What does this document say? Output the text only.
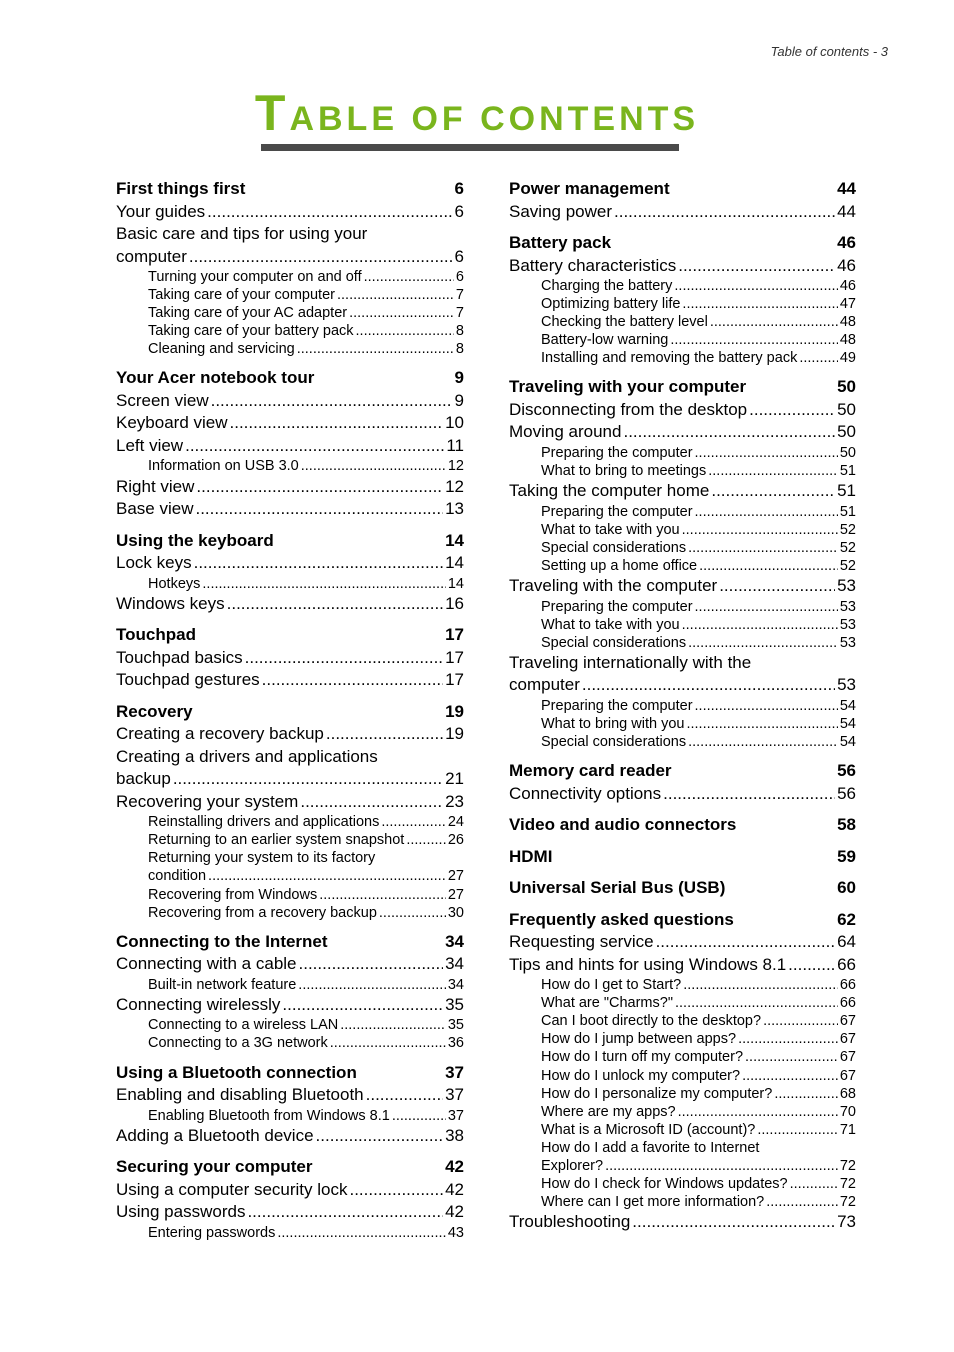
Table of contents - 3
TABLE OF CONTENTS
First things first	6
Your guides .....	6
Basic care and tips for using your
computer .....	6
Turning your computer on and off .....	6
Taking care of your computer .....	7
Taking care of your AC adapter .....	7
Taking care of your battery pack .....	8
Cleaning and servicing .....	8
Your Acer notebook tour	9
Screen view .....	9
Keyboard view .....	10
Left view .....	11
Information on USB 3.0 .....	12
Right view .....	12
Base view .....	13
Using the keyboard	14
Lock keys .....	14
Hotkeys .....	14
Windows keys .....	16
Touchpad	17
Touchpad basics .....	17
Touchpad gestures .....	17
Recovery	19
Creating a recovery backup .....	19
Creating a drivers and applications
backup .....	21
Recovering your system .....	23
Reinstalling drivers and applications .....	24
Returning to an earlier system snapshot .....	26
Returning your system to its factory
condition .....	27
Recovering from Windows .....	27
Recovering from a recovery backup .....	30
Connecting to the Internet	34
Connecting with a cable .....	34
Built-in network feature .....	34
Connecting wirelessly .....	35
Connecting to a wireless LAN .....	35
Connecting to a 3G network .....	36
Using a Bluetooth connection	37
Enabling and disabling Bluetooth .....	37
Enabling Bluetooth from Windows 8.1 .....	37
Adding a Bluetooth device .....	38
Securing your computer	42
Using a computer security lock .....	42
Using passwords .....	42
Entering passwords .....	43
Power management	44
Saving power .....	44
Battery pack	46
Battery characteristics .....	46
Charging the battery .....	46
Optimizing battery life .....	47
Checking the battery level .....	48
Battery-low warning .....	48
Installing and removing the battery pack .....	49
Traveling with your computer	50
Disconnecting from the desktop .....	50
Moving around .....	50
Preparing the computer .....	50
What to bring to meetings .....	51
Taking the computer home .....	51
Preparing the computer .....	51
What to take with you .....	52
Special considerations .....	52
Setting up a home office .....	52
Traveling with the computer .....	53
Preparing the computer .....	53
What to take with you .....	53
Special considerations .....	53
Traveling internationally with the
computer .....	53
Preparing the computer .....	54
What to bring with you .....	54
Special considerations .....	54
Memory card reader	56
Connectivity options .....	56
Video and audio connectors	58
HDMI	59
Universal Serial Bus (USB)	60
Frequently asked questions	62
Requesting service .....	64
Tips and hints for using Windows 8.1 .....	66
How do I get to Start? .....	66
What are "Charms?" .....	66
Can I boot directly to the desktop? .....	67
How do I jump between apps? .....	67
How do I turn off my computer? .....	67
How do I unlock my computer? .....	67
How do I personalize my computer? .....	68
Where are my apps? .....	70
What is a Microsoft ID (account)? .....	71
How do I add a favorite to Internet
Explorer? .....	72
How do I check for Windows updates? .....	72
Where can I get more information? .....	72
Troubleshooting .....	73
